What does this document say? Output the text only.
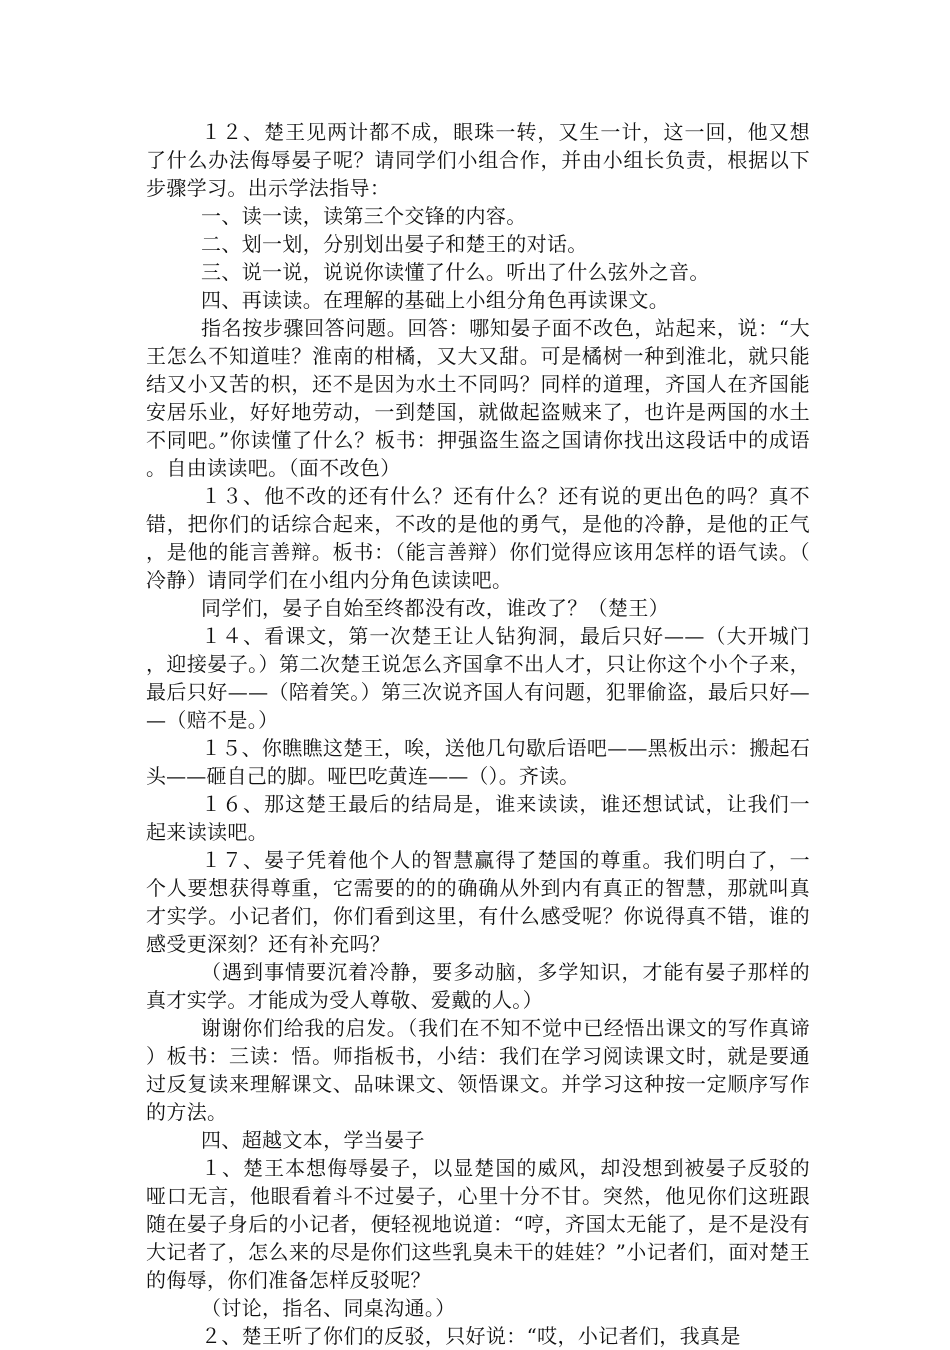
１２、楚王见两计都不成，眼珠一转，又生一计，这一回，他又想了什么办法侮辱晏子呢？请同学们小组合作，并由小组长负责，根据以下步骤学习。出示学法指导：

一、读一读，读第三个交锋的内容。

二、划一划，分别划出晏子和楚王的对话。

三、说一说，说说你读懂了什么。听出了什么弦外之音。

四、再读读。在理解的基础上小组分角色再读课文。

指名按步骤回答问题。回答：哪知晏子面不改色，站起来，说：“大王怎么不知道哇？淮南的柑橘，又大又甜。可是橘树一种到淮北，就只能结又小又苦的枳，还不是因为水土不同吗？同样的道理，齐国人在齐国能安居乐业，好好地劳动，一到楚国，就做起盗贼来了，也许是两国的水土不同吧。”你读懂了什么？板书：押强盗生盗之国请你找出这段话中的成语。自由读读吧。（面不改色）

１３、他不改的还有什么？还有什么？还有说的更出色的吗？真不错，把你们的话综合起来，不改的是他的勇气，是他的冷静，是他的正气，是他的能言善辩。板书：（能言善辩）你们觉得应该用怎样的语气读。（冷静）请同学们在小组内分角色读读吧。

同学们，晏子自始至终都没有改，谁改了？（楚王）

１４、看课文，第一次楚王让人钻狗洞，最后只好——（大开城门，迎接晏子。）第二次楚王说怎么齐国拿不出人才，只让你这个小个子来，最后只好——（陪着笑。）第三次说齐国人有问题，犯罪偷盗，最后只好——（赔不是。）

１５、你瞧瞧这楚王，唉，送他几句歇后语吧——黑板出示：搬起石头——砸自己的脚。哑巴吃黄连——（）。齐读。

１６、那这楚王最后的结局是，谁来读读，谁还想试试，让我们一起来读读吧。

１７、晏子凭着他个人的智慧赢得了楚国的尊重。我们明白了，一个人要想获得尊重，它需要的的的确确从外到内有真正的智慧，那就叫真才实学。小记者们，你们看到这里，有什么感受呢？你说得真不错，谁的感受更深刻？还有补充吗？

（遇到事情要沉着冷静，要多动脑，多学知识，才能有晏子那样的真才实学。才能成为受人尊敬、爱戴的人。）

谢谢你们给我的启发。（我们在不知不觉中已经悟出课文的写作真谛）板书：三读：悟。师指板书，小结：我们在学习阅读课文时，就是要通过反复读来理解课文、品味课文、领悟课文。并学习这种按一定顺序写作的方法。

四、超越文本，学当晏子

１、楚王本想侮辱晏子，以显楚国的威风，却没想到被晏子反驳的哑口无言，他眼看着斗不过晏子，心里十分不甘。突然，他见你们这班跟随在晏子身后的小记者，便轻视地说道：“哼，齐国太无能了，是不是没有大记者了，怎么来的尽是你们这些乳臭未干的娃娃？”小记者们，面对楚王的侮辱，你们准备怎样反驳呢？

（讨论，指名、同桌沟通。）

２、楚王听了你们的反驳，只好说：“哎，小记者们，我真是
